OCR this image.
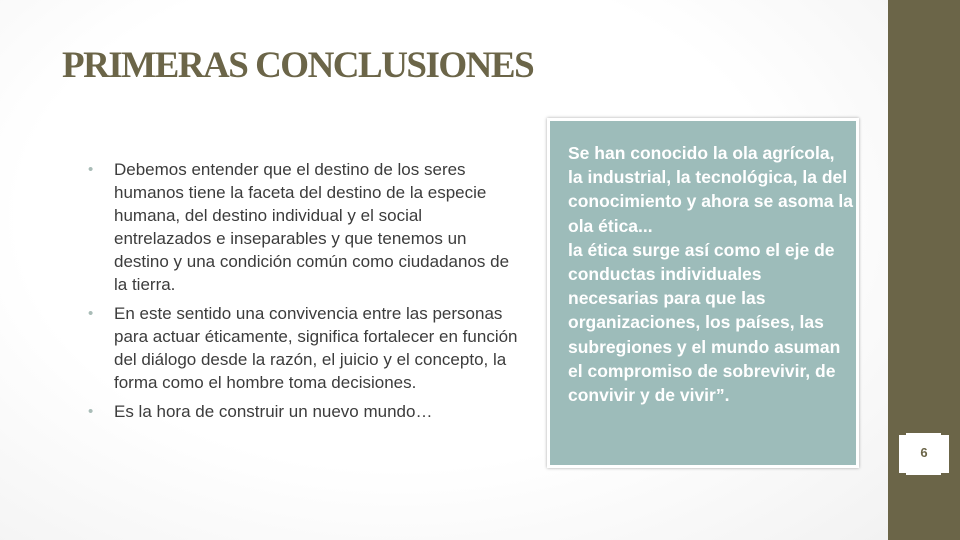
PRIMERAS CONCLUSIONES
• Debemos entender que el destino de los seres humanos tiene la faceta del destino de la especie humana, del destino individual y el social entrelazados e inseparables y que tenemos un destino y una condición común como ciudadanos de la tierra.
• En este sentido una convivencia entre las personas para actuar éticamente, significa fortalecer en función del diálogo desde la razón, el juicio y el concepto, la forma como el hombre toma decisiones.
• Es la hora de construir un nuevo mundo…

Se han conocido la ola agrícola, la industrial, la tecnológica, la del conocimiento y ahora se asoma la ola ética...
la ética surge así como el eje de conductas individuales necesarias para que las organizaciones, los países, las subregiones y el mundo asuman el compromiso de sobrevivir, de convivir y de vivir”.

6
